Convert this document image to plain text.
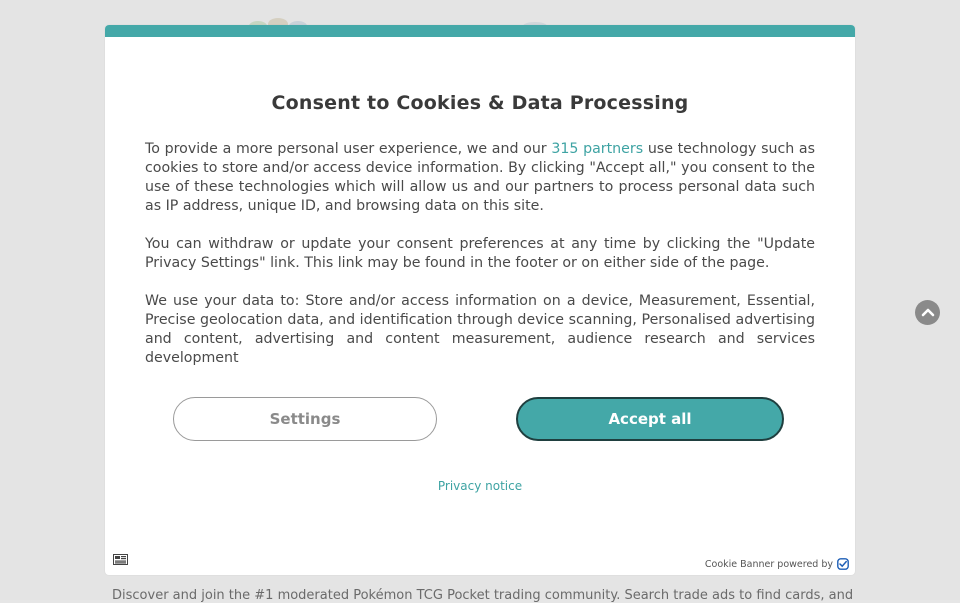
Discover and join the #1 moderated Pokémon TCG Pocket trading community. Search trade ads to find cards, and
Consent to Cookies & Data Processing

To provide a more personal user experience, we and our 315 partners use technology such as cookies to store and/or access device information. By clicking "Accept all," you consent to the use of these technologies which will allow us and our partners to process personal data such as IP address, unique ID, and browsing data on this site.

You can withdraw or update your consent preferences at any time by clicking the "Update Privacy Settings" link. This link may be found in the footer or on either side of the page.

We use your data to: Store and/or access information on a device, Measurement, Essential, Precise geolocation data, and identification through device scanning, Personalised advertising and content, advertising and content measurement, audience research and services development

Settings	Accept all
Privacy notice
Cookie Banner powered by
